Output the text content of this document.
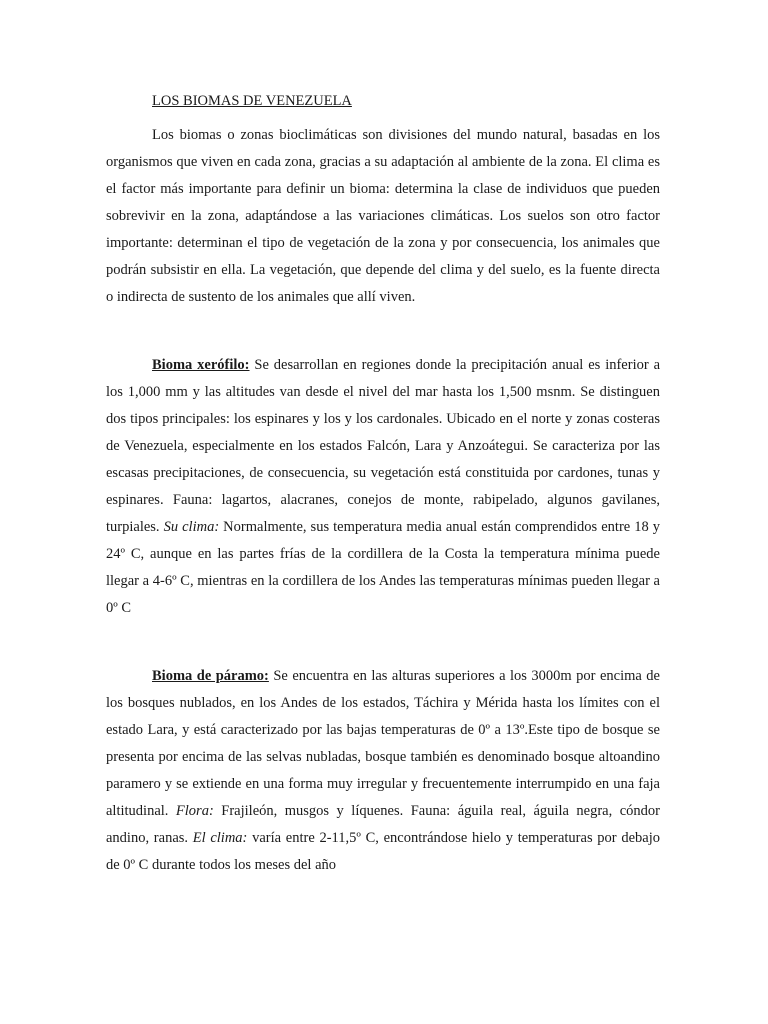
LOS BIOMAS DE VENEZUELA

Los biomas o zonas bioclimáticas son divisiones del mundo natural, basadas en los organismos que viven en cada zona, gracias a su adaptación al ambiente de la zona. El clima es el factor más importante para definir un bioma: determina la clase de individuos que pueden sobrevivir en la zona, adaptándose a las variaciones climáticas. Los suelos son otro factor importante: determinan el tipo de vegetación de la zona y por consecuencia, los animales que podrán subsistir en ella. La vegetación, que depende del clima y del suelo, es la fuente directa o indirecta de sustento de los animales que allí viven.

Bioma xerófilo: Se desarrollan en regiones donde la precipitación anual es inferior a los 1,000 mm y las altitudes van desde el nivel del mar hasta los 1,500 msnm. Se distinguen dos tipos principales: los espinares y los y los cardonales. Ubicado en el norte y zonas costeras de Venezuela, especialmente en los estados Falcón, Lara y Anzoátegui. Se caracteriza por las escasas precipitaciones, de consecuencia, su vegetación está constituida por cardones, tunas y espinares. Fauna: lagartos, alacranes, conejos de monte, rabipelado, algunos gavilanes, turpiales. Su clima: Normalmente, sus temperatura media anual están comprendidos entre 18 y 24º C, aunque en las partes frías de la cordillera de la Costa la temperatura mínima puede llegar a 4-6º C, mientras en la cordillera de los Andes las temperaturas mínimas pueden llegar a 0º C

Bioma de páramo: Se encuentra en las alturas superiores a los 3000m por encima de los bosques nublados, en los Andes de los estados, Táchira y Mérida hasta los límites con el estado Lara, y está caracterizado por las bajas temperaturas de 0º a 13º.Este tipo de bosque se presenta por encima de las selvas nubladas, bosque también es denominado bosque altoandino paramero y se extiende en una forma muy irregular y frecuentemente interrumpido en una faja altitudinal. Flora: Frajileón, musgos y líquenes. Fauna: águila real, águila negra, cóndor andino, ranas. El clima: varía entre 2-11,5º C, encontrándose hielo y temperaturas por debajo de 0º C durante todos los meses del año
